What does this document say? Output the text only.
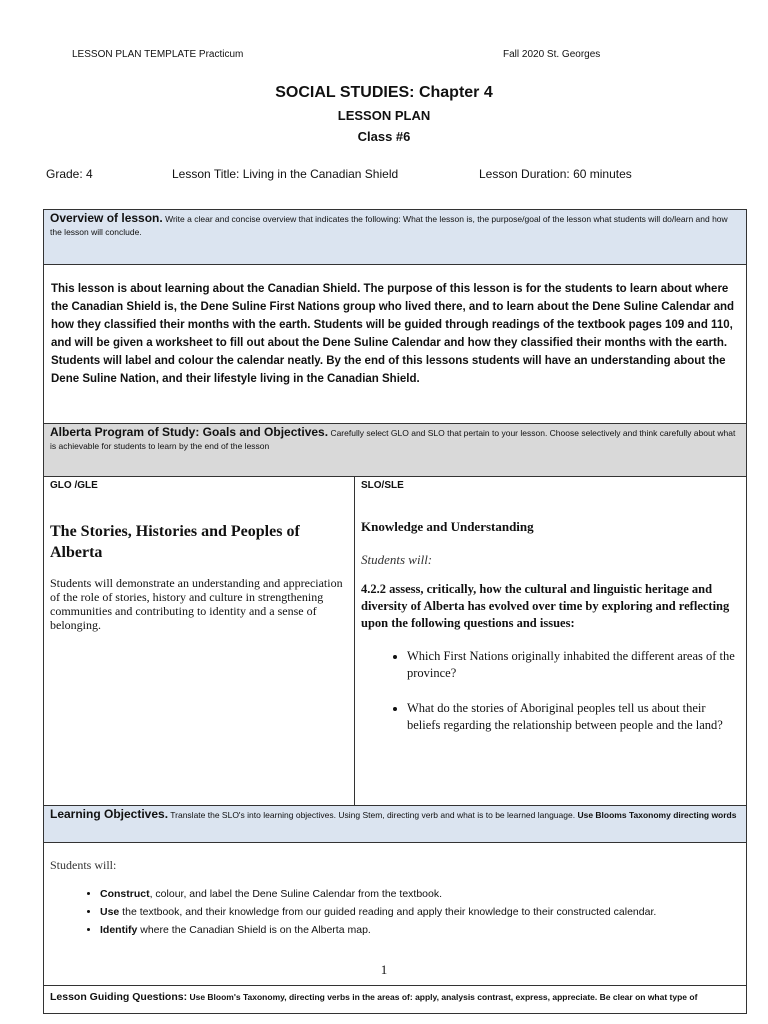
LESSON PLAN TEMPLATE Practicum	Fall 2020 St. Georges
SOCIAL STUDIES: Chapter 4
LESSON PLAN
Class #6
Grade: 4	Lesson Title: Living in the Canadian Shield	Lesson Duration: 60 minutes
Overview of lesson. Write a clear and concise overview that indicates the following: What the lesson is, the purpose/goal of the lesson what students will do/learn and how the lesson will conclude.

This lesson is about learning about the Canadian Shield. The purpose of this lesson is for the students to learn about where the Canadian Shield is, the Dene Suline First Nations group who lived there, and to learn about the Dene Suline Calendar and how they classified their months with the earth. Students will be guided through readings of the textbook pages 109 and 110, and will be given a worksheet to fill out about the Dene Suline Calendar and how they classified their months with the earth. Students will label and colour the calendar neatly. By the end of this lessons students will have an understanding about the Dene Suline Nation, and their lifestyle living in the Canadian Shield.

Alberta Program of Study: Goals and Objectives. Carefully select GLO and SLO that pertain to your lesson. Choose selectively and think carefully about what is achievable for students to learn by the end of the lesson

GLO /GLE
The Stories, Histories and Peoples of Alberta
Students will demonstrate an understanding and appreciation of the role of stories, history and culture in strengthening communities and contributing to identity and a sense of belonging.

SLO/SLE
Knowledge and Understanding
Students will:
4.2.2 assess, critically, how the cultural and linguistic heritage and diversity of Alberta has evolved over time by exploring and reflecting upon the following questions and issues:
• Which First Nations originally inhabited the different areas of the province?
• What do the stories of Aboriginal peoples tell us about their beliefs regarding the relationship between people and the land?

Learning Objectives. Translate the SLO's into learning objectives. Using Stem, directing verb and what is to be learned language. Use Blooms Taxonomy directing words

Students will:
• Construct, colour, and label the Dene Suline Calendar from the textbook.
• Use the textbook, and their knowledge from our guided reading and apply their knowledge to their constructed calendar.
• Identify where the Canadian Shield is on the Alberta map.

Lesson Guiding Questions: Use Bloom's Taxonomy, directing verbs in the areas of: apply, analysis contrast, express, appreciate. Be clear on what type of
1
